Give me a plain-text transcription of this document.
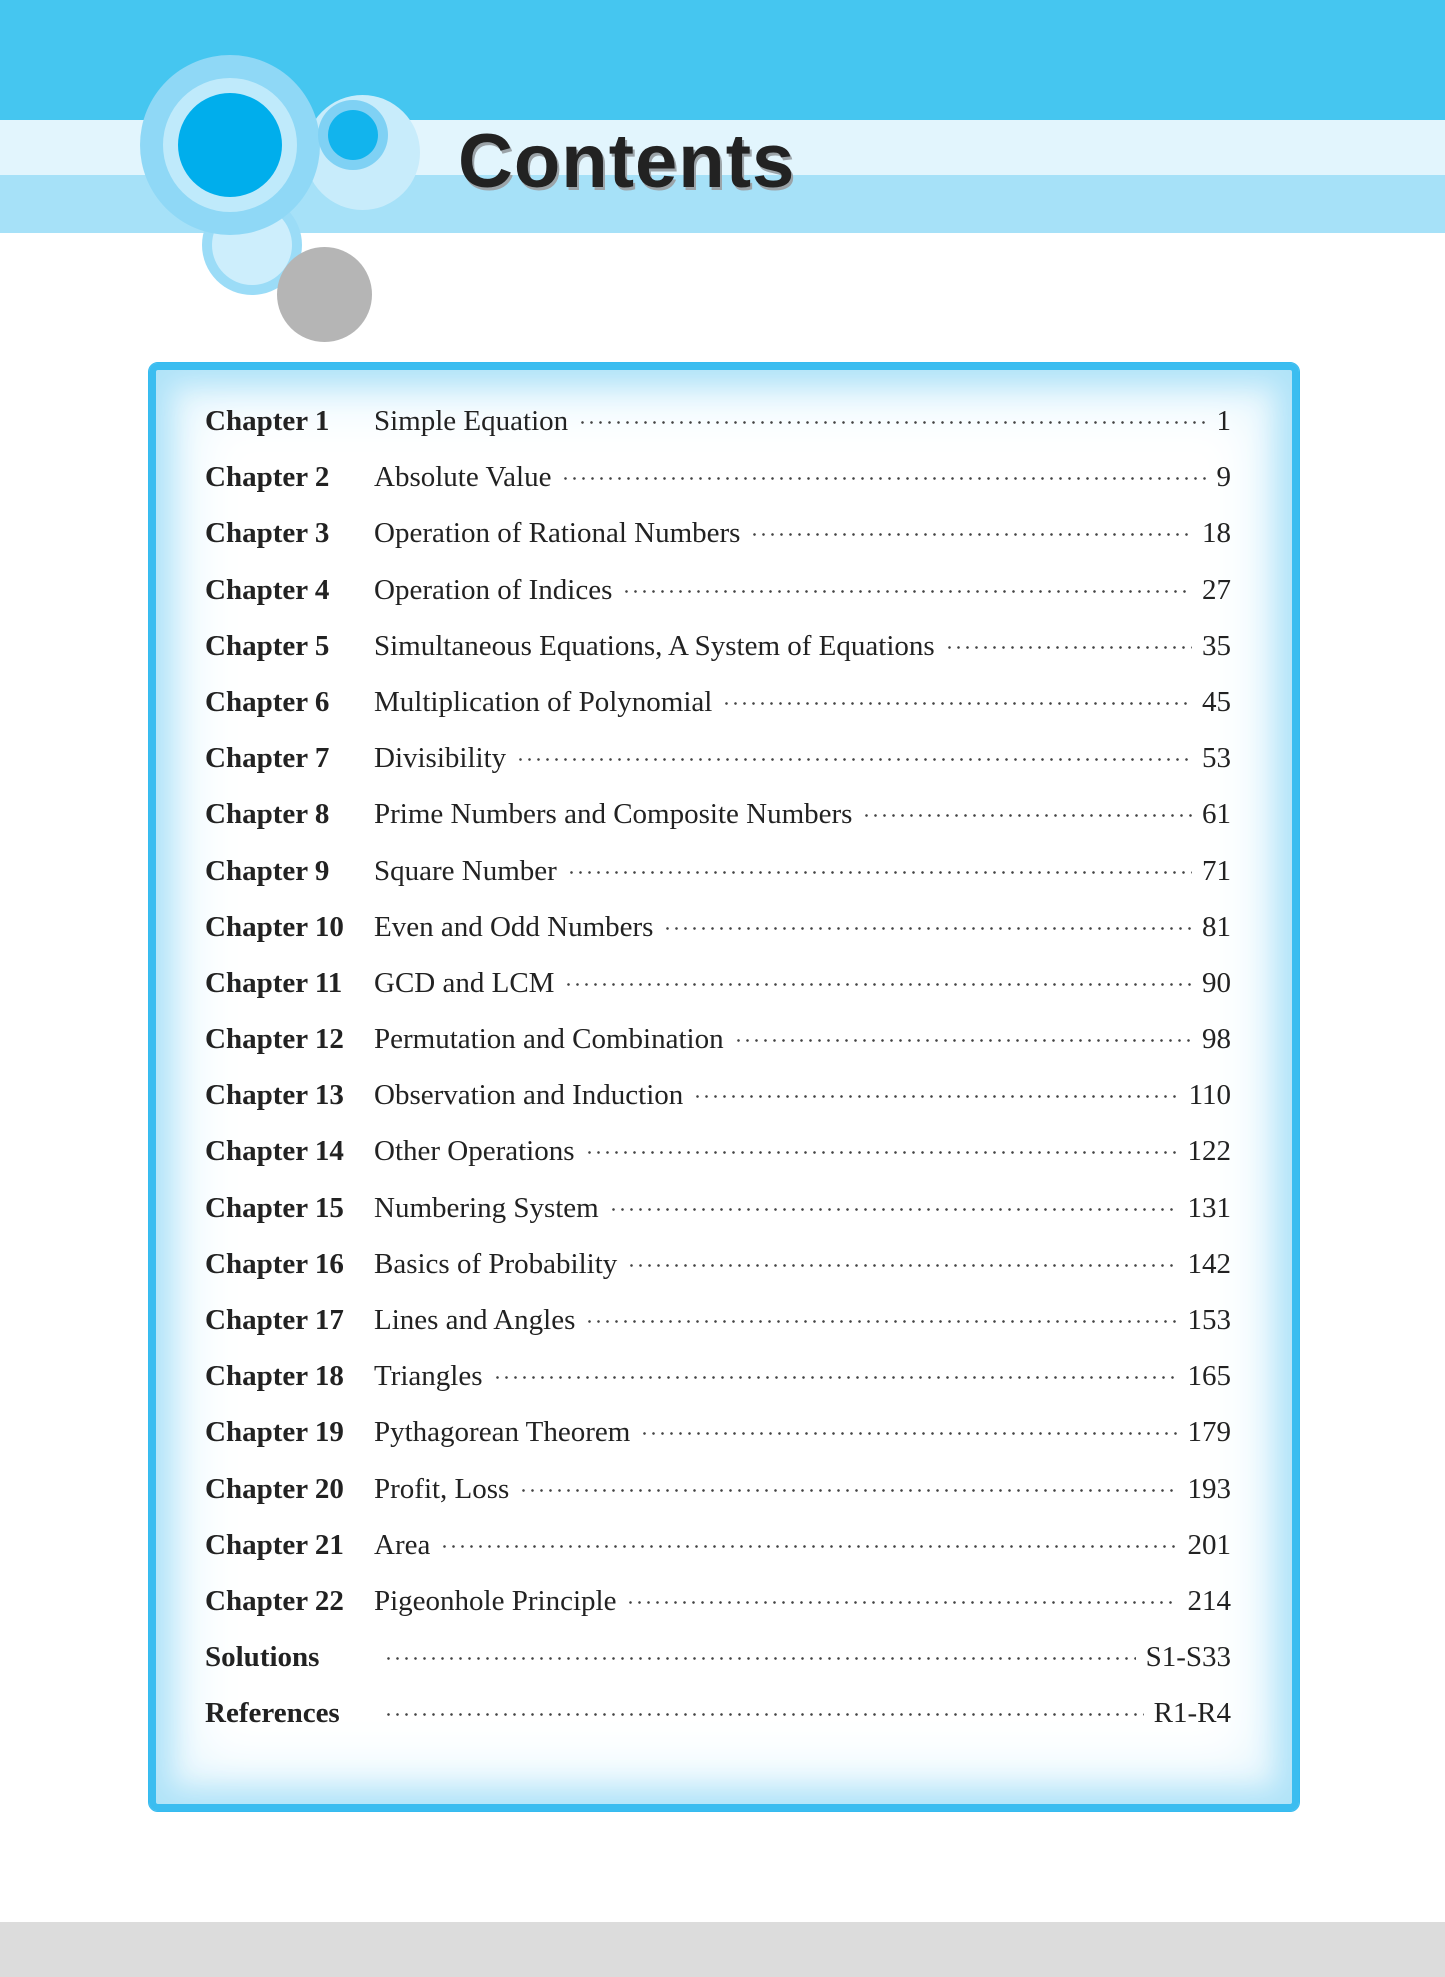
Contents
Chapter 1	Simple Equation	1
Chapter 2	Absolute Value	9
Chapter 3	Operation of Rational Numbers	18
Chapter 4	Operation of Indices	27
Chapter 5	Simultaneous Equations, A System of Equations	35
Chapter 6	Multiplication of Polynomial	45
Chapter 7	Divisibility	53
Chapter 8	Prime Numbers and Composite Numbers	61
Chapter 9	Square Number	71
Chapter 10	Even and Odd Numbers	81
Chapter 11	GCD and LCM	90
Chapter 12	Permutation and Combination	98
Chapter 13	Observation and Induction	110
Chapter 14	Other Operations	122
Chapter 15	Numbering System	131
Chapter 16	Basics of Probability	142
Chapter 17	Lines and Angles	153
Chapter 18	Triangles	165
Chapter 19	Pythagorean Theorem	179
Chapter 20	Profit, Loss	193
Chapter 21	Area	201
Chapter 22	Pigeonhole Principle	214
Solutions	S1-S33
References	R1-R4
